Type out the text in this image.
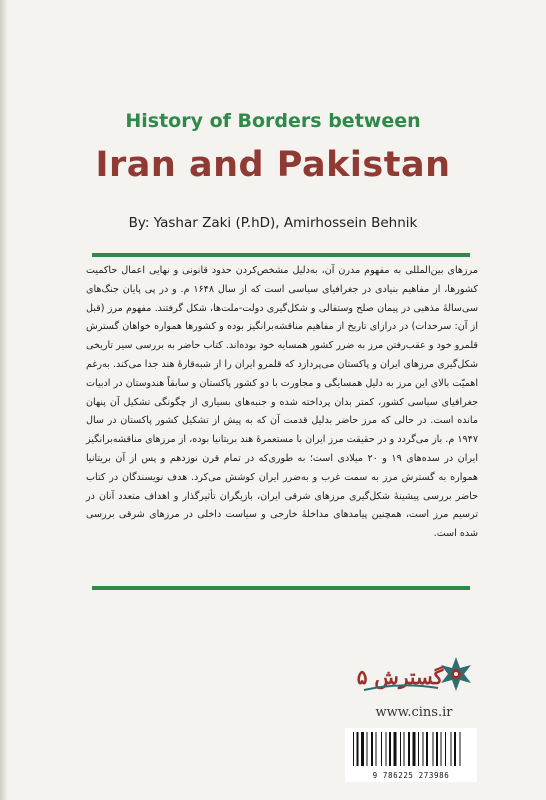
History of Borders between
Iran and Pakistan
By: Yashar Zaki (P.hD), Amirhossein Behnik

مرزهای بین‌المللی به مفهوم مدرن آن، به‌دلیل مشخص‌کردن حدود قانونی و نهایی اعمال حاکمیت کشورها، از مفاهیم بنیادی در جغرافیای سیاسی است که از سال ۱۶۴۸ م. و در پی پایان جنگ‌های سی‌سالهٔ مذهبی در پیمان صلح وستفالی و شکل‌گیری دولت-ملت‌ها، شکل گرفتند. مفهوم مرز (قبل از آن: سرحدات) در درازای تاریخ از مفاهیم مناقشه‌برانگیز بوده و کشورها همواره خواهان گسترش قلمرو خود و عقب‌رفتن مرز به ضرر کشور همسایه خود بوده‌اند. کتاب حاضر به بررسی سیر تاریخی شکل‌گیری مرزهای ایران و پاکستان می‌پردازد که قلمرو ایران را از شبه‌قارهٔ هند جدا می‌کند. به‌رغم اهمیّت بالای این مرز به دلیل همسایگی و مجاورت با دو کشور پاکستان و سابقاً هندوستان در ادبیات جغرافیای سیاسی کشور، کمتر بدان پرداخته شده و جنبه‌های بسیاری از چگونگی تشکیل آن پنهان مانده است. در حالی که مرز حاضر بدلیل قدمت آن که به پیش از تشکیل کشور پاکستان در سال ۱۹۴۷ م. باز می‌گردد و در حقیقت مرز ایران با مستعمرهٔ هند بریتانیا بوده، از مرزهای مناقشه‌برانگیز ایران در سده‌های ۱۹ و ۲۰ میلادی است؛ به طوری‌که در تمام قرن نوزدهم و پس از آن بریتانیا همواره به گسترش مرز به سمت غرب و به‌ضرر ایران کوشش می‌کرد. هدف نویسندگان در کتاب حاضر بررسی پیشینهٔ شکل‌گیری مرزهای شرقی ایران، بازیگران تأثیرگذار و اهداف متعدد آنان در ترسیم مرز است، همچنین پیامدهای مداخلهٔ خارجی و سیاست داخلی در مرزهای شرقی بررسی شده است.

گسترش ۵
www.cins.ir
9 786225 273986
